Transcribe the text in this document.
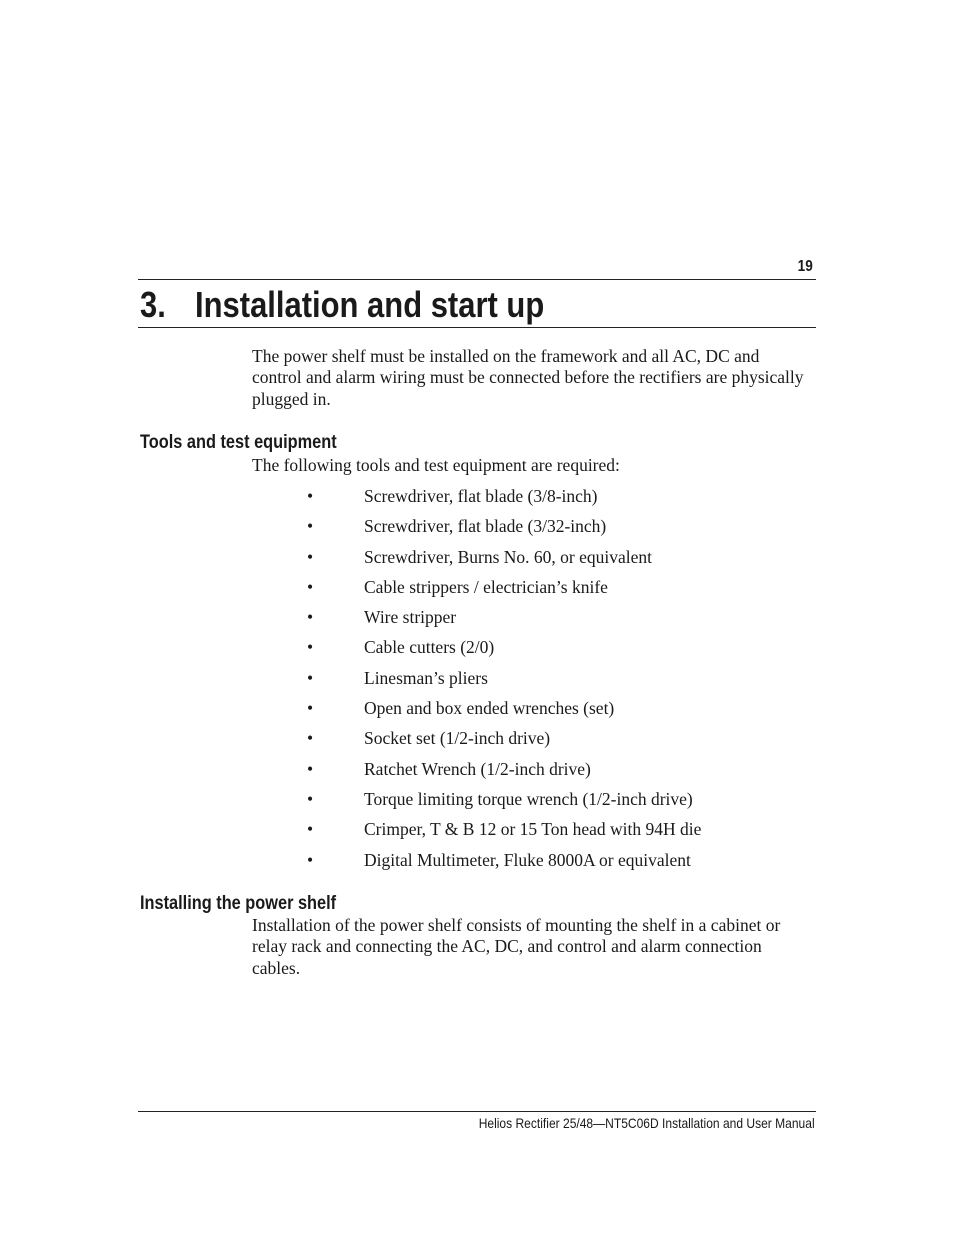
19
3. Installation and start up

The power shelf must be installed on the framework and all AC, DC and control and alarm wiring must be connected before the rectifiers are physically plugged in.

Tools and test equipment

The following tools and test equipment are required:

•	Screwdriver, flat blade (3/8-inch)
•	Screwdriver, flat blade (3/32-inch)
•	Screwdriver, Burns No. 60, or equivalent
•	Cable strippers / electrician’s knife
•	Wire stripper
•	Cable cutters (2/0)
•	Linesman’s pliers
•	Open and box ended wrenches (set)
•	Socket set (1/2-inch drive)
•	Ratchet Wrench (1/2-inch drive)
•	Torque limiting torque wrench (1/2-inch drive)
•	Crimper, T & B 12 or 15 Ton head with 94H die
•	Digital Multimeter, Fluke 8000A or equivalent
Installing the power shelf

Installation of the power shelf consists of mounting the shelf in a cabinet or relay rack and connecting the AC, DC, and control and alarm connection cables.

Helios Rectifier 25/48—NT5C06D Installation and User Manual
